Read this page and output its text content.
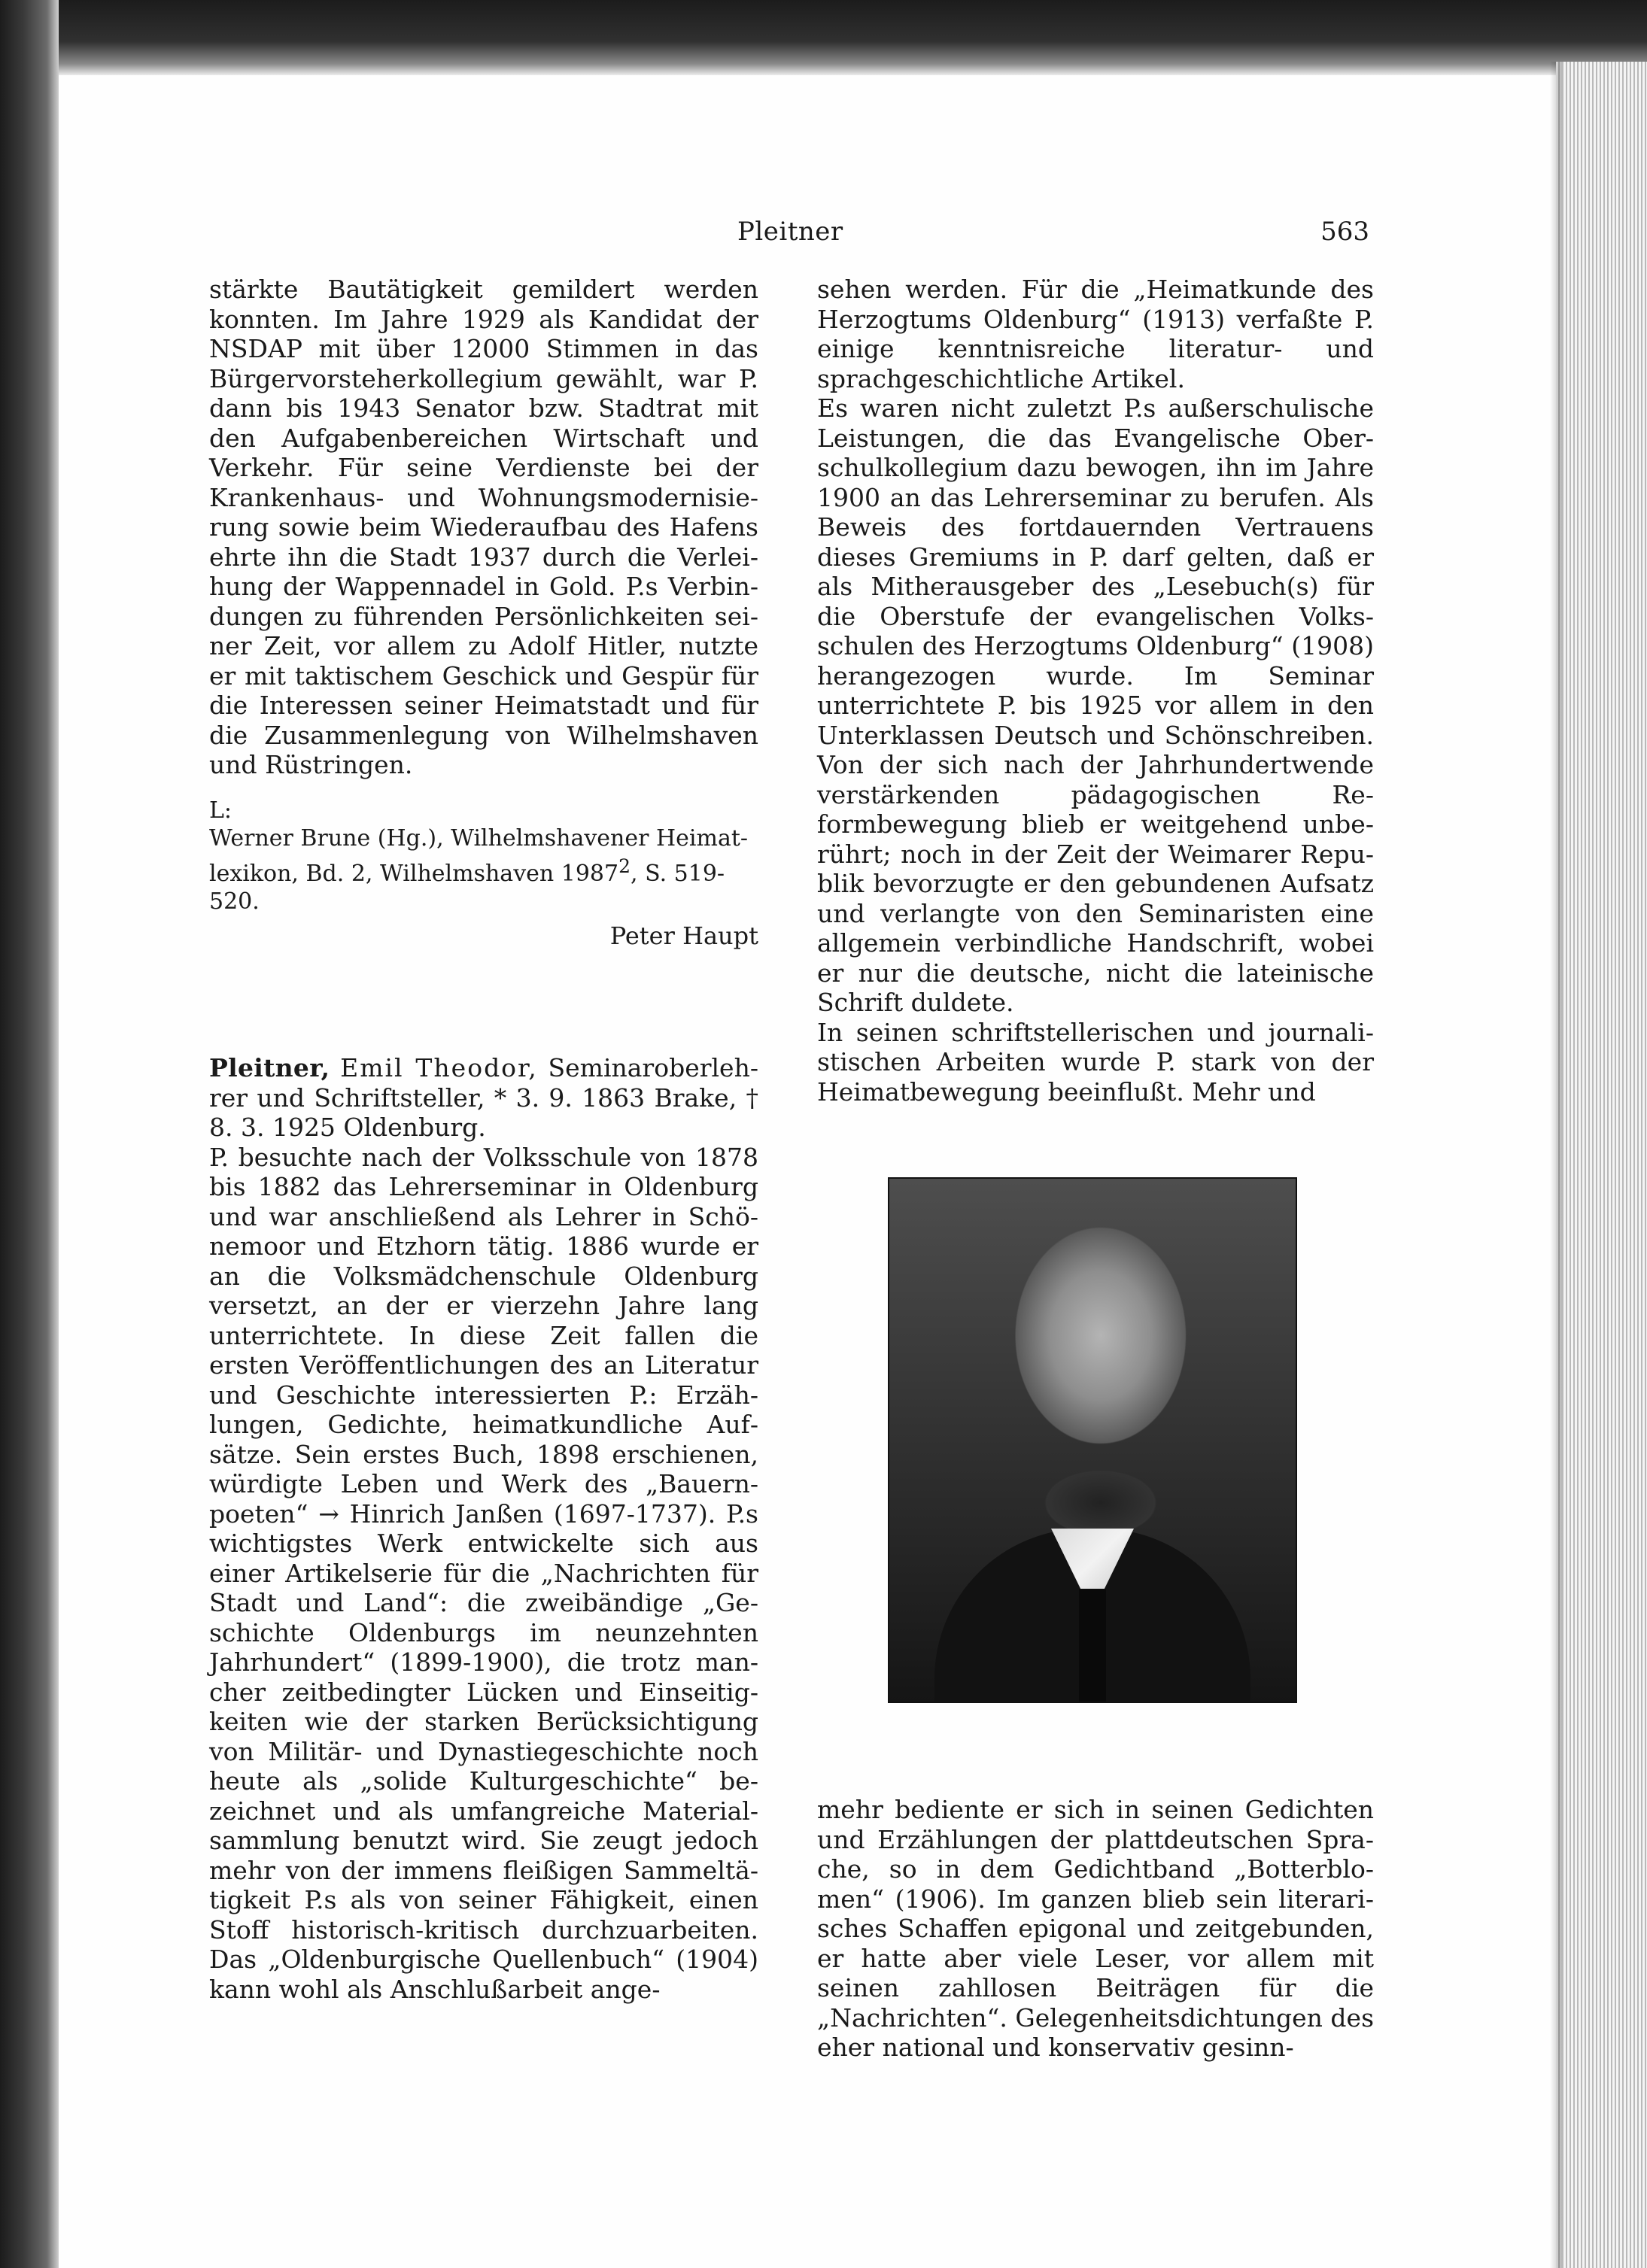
Pleitner	563

stärkte Bautätigkeit gemildert werden konnten. Im Jahre 1929 als Kandidat der NSDAP mit über 12000 Stimmen in das Bürgervorsteherkollegium gewählt, war P. dann bis 1943 Senator bzw. Stadtrat mit den Aufgabenbereichen Wirtschaft und Verkehr. Für seine Verdienste bei der Krankenhaus- und Wohnungsmodernisierung sowie beim Wiederaufbau des Hafens ehrte ihn die Stadt 1937 durch die Verleihung der Wappennadel in Gold. P.s Verbindungen zu führenden Persönlichkeiten seiner Zeit, vor allem zu Adolf Hitler, nutzte er mit taktischem Geschick und Gespür für die Interessen seiner Heimatstadt und für die Zusammenlegung von Wilhelmshaven und Rüstringen.

L:
Werner Brune (Hg.), Wilhelmshavener Heimatlexikon, Bd. 2, Wilhelmshaven 1987$^2$, S. 519-520.
Peter Haupt

Pleitner, Emil Theodor, Seminaroberlehrer und Schriftsteller, * 3. 9. 1863 Brake, † 8. 3. 1925 Oldenburg.

P. besuchte nach der Volksschule von 1878 bis 1882 das Lehrerseminar in Oldenburg und war anschließend als Lehrer in Schönemoor und Etzhorn tätig. 1886 wurde er an die Volksmädchenschule Oldenburg versetzt, an der er vierzehn Jahre lang unterrichtete. In diese Zeit fallen die ersten Veröffentlichungen des an Literatur und Geschichte interessierten P.: Erzählungen, Gedichte, heimatkundliche Aufsätze. Sein erstes Buch, 1898 erschienen, würdigte Leben und Werk des „Bauernpoeten“ → Hinrich Janßen (1697-1737). P.s wichtigstes Werk entwickelte sich aus einer Artikelserie für die „Nachrichten für Stadt und Land“: die zweibändige „Geschichte Oldenburgs im neunzehnten Jahrhundert“ (1899-1900), die trotz mancher zeitbedingter Lücken und Einseitigkeiten wie der starken Berücksichtigung von Militär- und Dynastiegeschichte noch heute als „solide Kulturgeschichte“ bezeichnet und als umfangreiche Materialsammlung benutzt wird. Sie zeugt jedoch mehr von der immens fleißigen Sammeltätigkeit P.s als von seiner Fähigkeit, einen Stoff historisch-kritisch durchzuarbeiten. Das „Oldenburgische Quellenbuch“ (1904) kann wohl als Anschlußarbeit ange-

sehen werden. Für die „Heimatkunde des Herzogtums Oldenburg“ (1913) verfaßte P. einige kenntnisreiche literatur- und sprachgeschichtliche Artikel.

Es waren nicht zuletzt P.s außerschulische Leistungen, die das Evangelische Oberschulkollegium dazu bewogen, ihn im Jahre 1900 an das Lehrerseminar zu berufen. Als Beweis des fortdauernden Vertrauens dieses Gremiums in P. darf gelten, daß er als Mitherausgeber des „Lesebuch(s) für die Oberstufe der evangelischen Volksschulen des Herzogtums Oldenburg“ (1908) herangezogen wurde. Im Seminar unterrichtete P. bis 1925 vor allem in den Unterklassen Deutsch und Schönschreiben. Von der sich nach der Jahrhundertwende verstärkenden pädagogischen Reformbewegung blieb er weitgehend unberührt; noch in der Zeit der Weimarer Republik bevorzugte er den gebundenen Aufsatz und verlangte von den Seminaristen eine allgemein verbindliche Handschrift, wobei er nur die deutsche, nicht die lateinische Schrift duldete.

In seinen schriftstellerischen und journalistischen Arbeiten wurde P. stark von der Heimatbewegung beeinflußt. Mehr und

mehr bediente er sich in seinen Gedichten und Erzählungen der plattdeutschen Sprache, so in dem Gedichtband „Botterblomen“ (1906). Im ganzen blieb sein literarisches Schaffen epigonal und zeitgebunden, er hatte aber viele Leser, vor allem mit seinen zahllosen Beiträgen für die „Nachrichten“. Gelegenheitsdichtungen des eher national und konservativ gesinn-
